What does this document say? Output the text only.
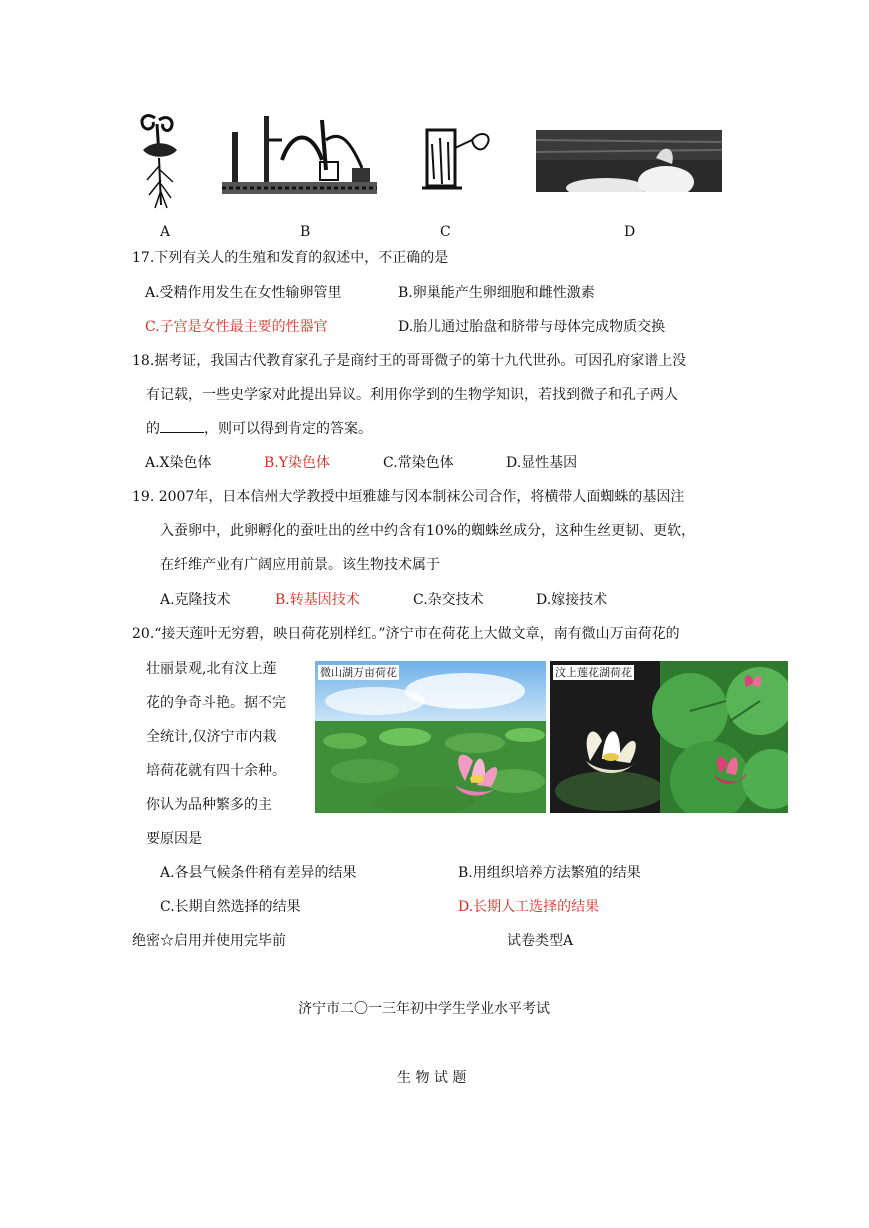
A	B	C	D
17.下列有关人的生殖和发育的叙述中，不正确的是
A.受精作用发生在女性输卵管里	B.卵巢能产生卵细胞和雌性激素
C.子宫是女性最主要的性器官	D.胎儿通过胎盘和脐带与母体完成物质交换
18.据考证，我国古代教育家孔子是商纣王的哥哥微子的第十九代世孙。可因孔府家谱上没
有记载，一些史学家对此提出异议。利用你学到的生物学知识，若找到微子和孔子两人
的	，则可以得到肯定的答案。
A.X染色体	B.Y染色体	C.常染色体	D.显性基因
19. 2007年，日本信州大学教授中垣雅雄与冈本制袜公司合作，将横带人面蜘蛛的基因注
入蚕卵中，此卵孵化的蚕吐出的丝中约含有10%的蜘蛛丝成分，这种生丝更韧、更软，
在纤维产业有广阔应用前景。该生物技术属于
A.克隆技术	B.转基因技术	C.杂交技术	D.嫁接技术
20.“接天莲叶无穷碧，映日荷花别样红。”济宁市在荷花上大做文章，南有微山万亩荷花的
壮丽景观,北有汶上莲
花的争奇斗艳。据不完
全统计,仅济宁市内栽
培荷花就有四十余种。
你认为品种繁多的主
要原因是
微山湖万亩荷花	汶上莲花湖荷花
A.各县气候条件稍有差异的结果	B.用组织培养方法繁殖的结果
C.长期自然选择的结果	D.长期人工选择的结果
绝密☆启用并使用完毕前	试卷类型A
济宁市二〇一三年初中学生学业水平考试
生 物 试 题
